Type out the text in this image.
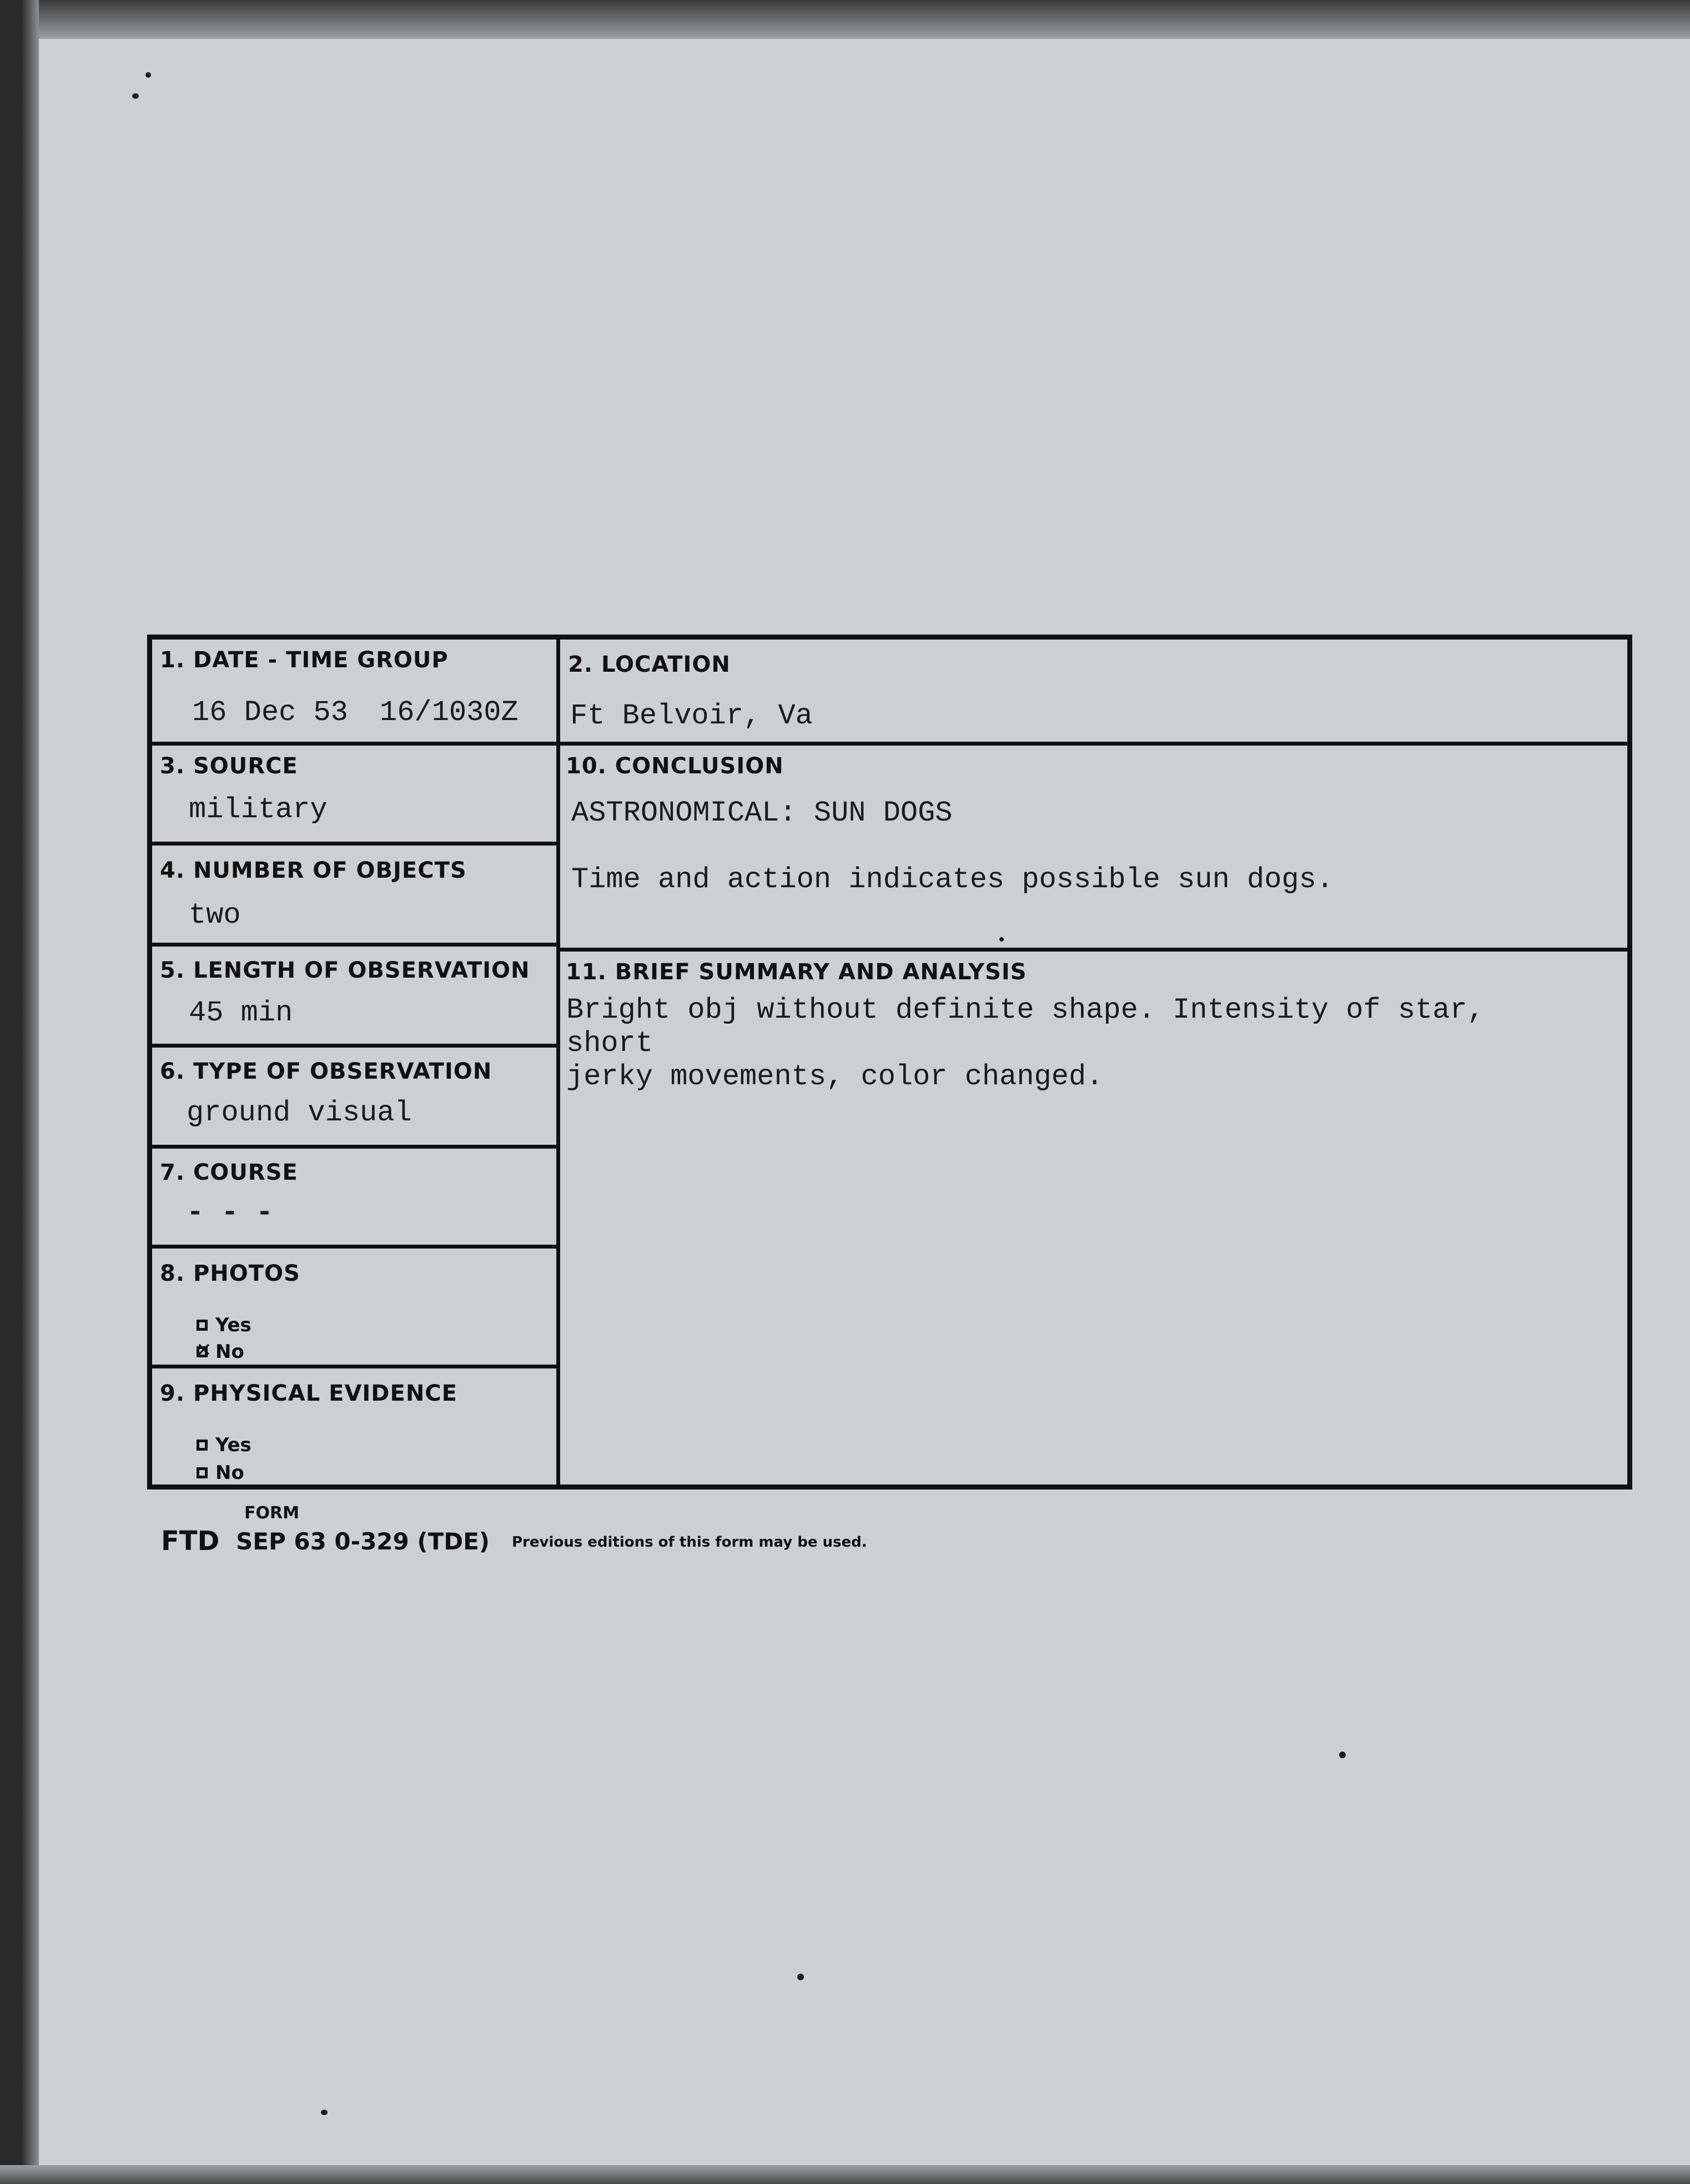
1. DATE - TIME GROUP
16 Dec 53 16/1030Z
2. LOCATION
Ft Belvoir, Va
3. SOURCE
military
4. NUMBER OF OBJECTS
two
5. LENGTH OF OBSERVATION
45 min
6. TYPE OF OBSERVATION
ground visual
7. COURSE
- - -
8. PHOTOS
Yes
✕
No
9. PHYSICAL EVIDENCE
Yes
No
10. CONCLUSION
ASTRONOMICAL: SUN DOGS
Time and action indicates possible sun dogs.
11. BRIEF SUMMARY AND ANALYSIS
Bright obj without definite shape. Intensity of star, short
jerky movements, color changed.
FORM
FTD SEP 63 0-329 (TDE) Previous editions of this form may be used.
